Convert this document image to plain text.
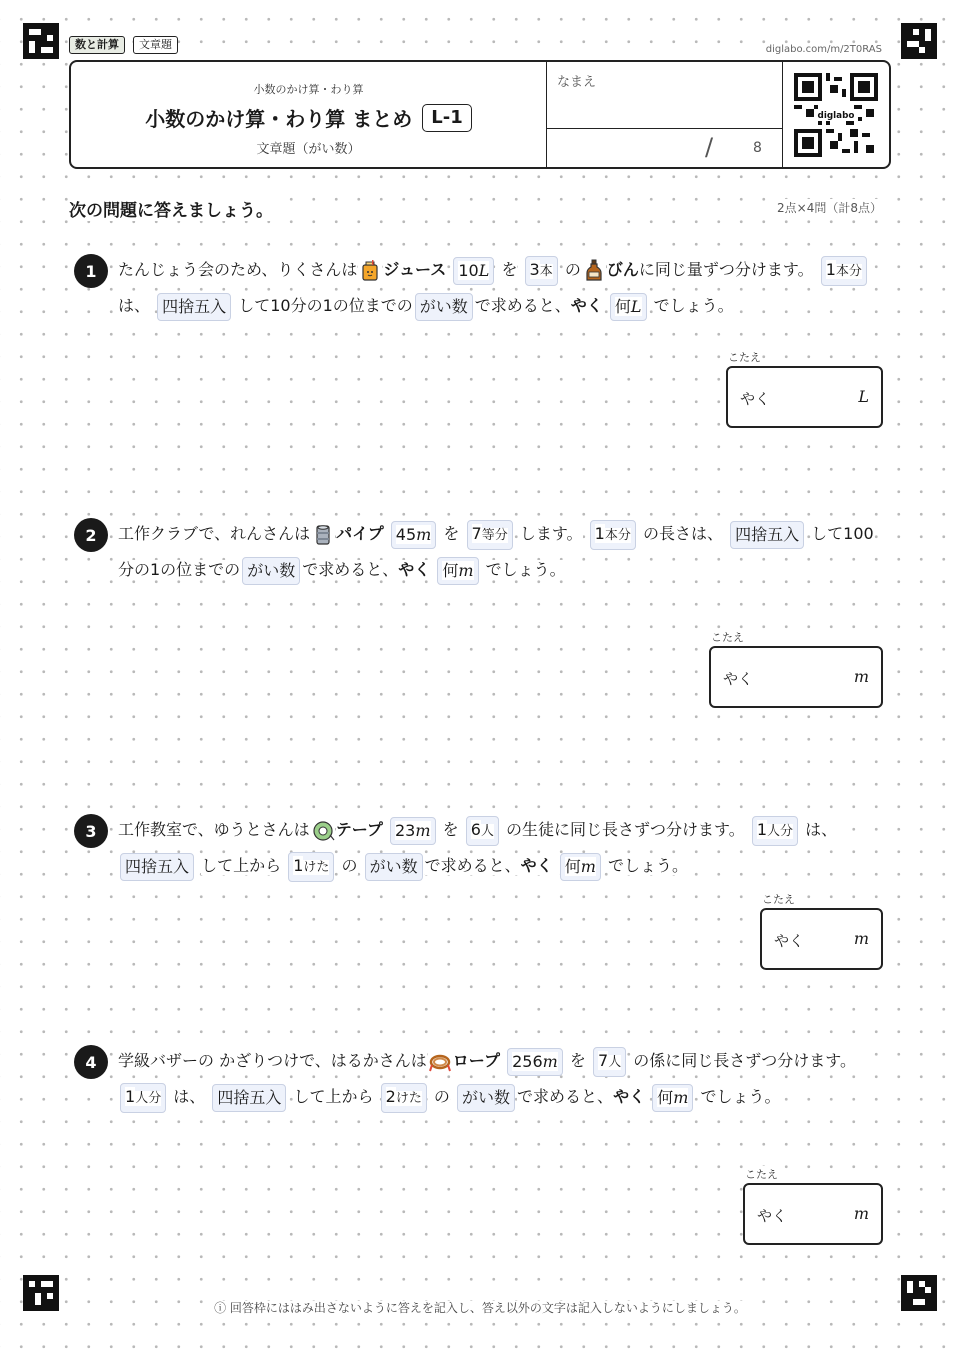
数と計算	文章題	diglabo.com/m/2T0RAS
小数のかけ算・わり算
小数のかけ算・わり算 まとめ	L-1
文章題（がい数）
なまえ
/	8
diglabo
次の問題に答えましょう。	2点×4問（計8点）
1	たんじょう会のため、りくさんは ジュース 10L を 3本 の びんに同じ量ずつ分けます。 1本分 は、 四捨五入 して10分の1の位までの がい数 で求めると、やく 何L でしょう。
こたえ
やく	L
2	工作クラブで、れんさんは パイプ 45m を 7等分 します。 1本分 の長さは、 四捨五入 して100分の1の位までの がい数 で求めると、やく 何m でしょう。
こたえ
やく	m
3	工作教室で、ゆうとさんは テープ 23m を 6人 の生徒に同じ長さずつ分けます。 1人分 は、 四捨五入 して上から 1けた の がい数 で求めると、やく 何m でしょう。
こたえ
やく	m
4	学級バザーの かざりつけで、はるかさんは ロープ 256m を 7人 の係に同じ長さずつ分けます。 1人分 は、 四捨五入 して上から 2けた の がい数 で求めると、やく 何m でしょう。
こたえ
やく	m
ⓘ 回答枠にははみ出さないように答えを記入し、答え以外の文字は記入しないようにしましょう。
